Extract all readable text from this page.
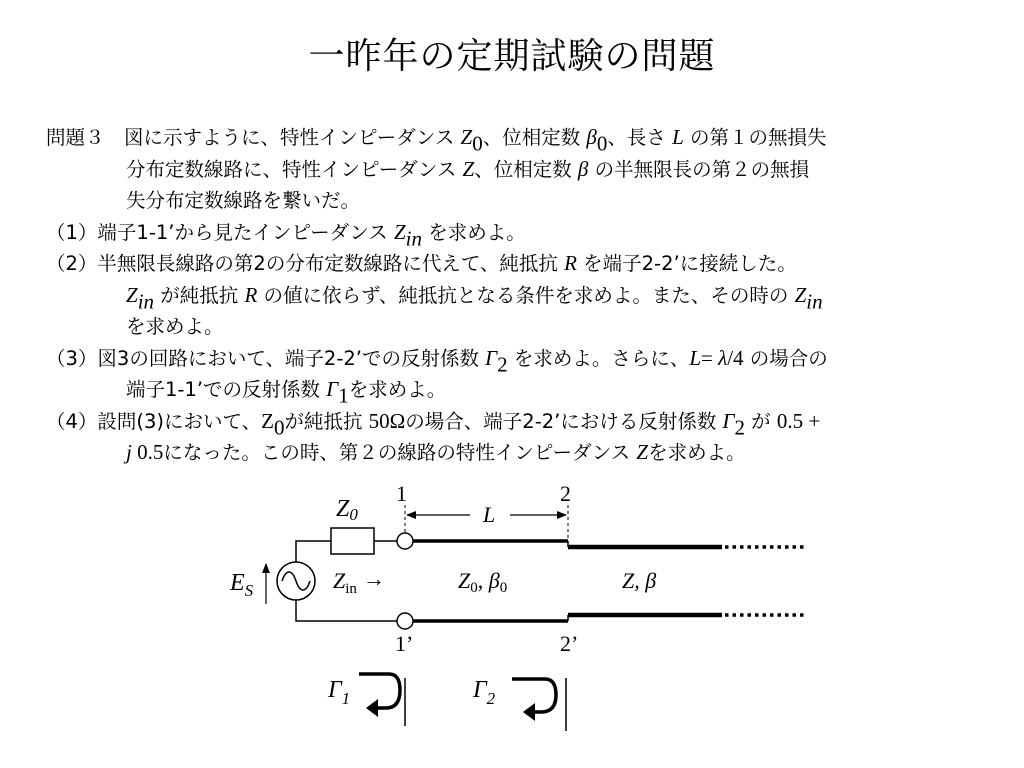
一昨年の定期試験の問題
問題３　図に示すように、特性インピーダンス $Z_0$、位相定数 $\beta_0$、長さ L の第１の無損失
分布定数線路に、特性インピーダンス Z、位相定数 β の半無限長の第２の無損
失分布定数線路を繋いだ。
（1）端子1-1’から見たインピーダンス $Z_{in}$ を求めよ。
（2）半無限長線路の第2の分布定数線路に代えて、純抵抗 R を端子2-2’に接続した。
$Z_{in}$ が純抵抗 R の値に依らず、純抵抗となる条件を求めよ。また、その時の $Z_{in}$
を求めよ。
（3）図3の回路において、端子2-2’での反射係数 $\Gamma_2$ を求めよ。さらに、L= λ/4 の場合の
端子1-1’での反射係数 $\Gamma_1$を求めよ。
（4）設問(3)において、$Z_0$が純抵抗 50Ωの場合、端子2-2’における反射係数 $\Gamma_2$ が 0.5 +
j 0.5になった。この時、第２の線路の特性インピーダンス Zを求めよ。
Z0
$E_S$	$Z_{in}$ →
1	2
1’	2’
L
Z0, β0	Z, β
$\Gamma_1$	$\Gamma_2$
